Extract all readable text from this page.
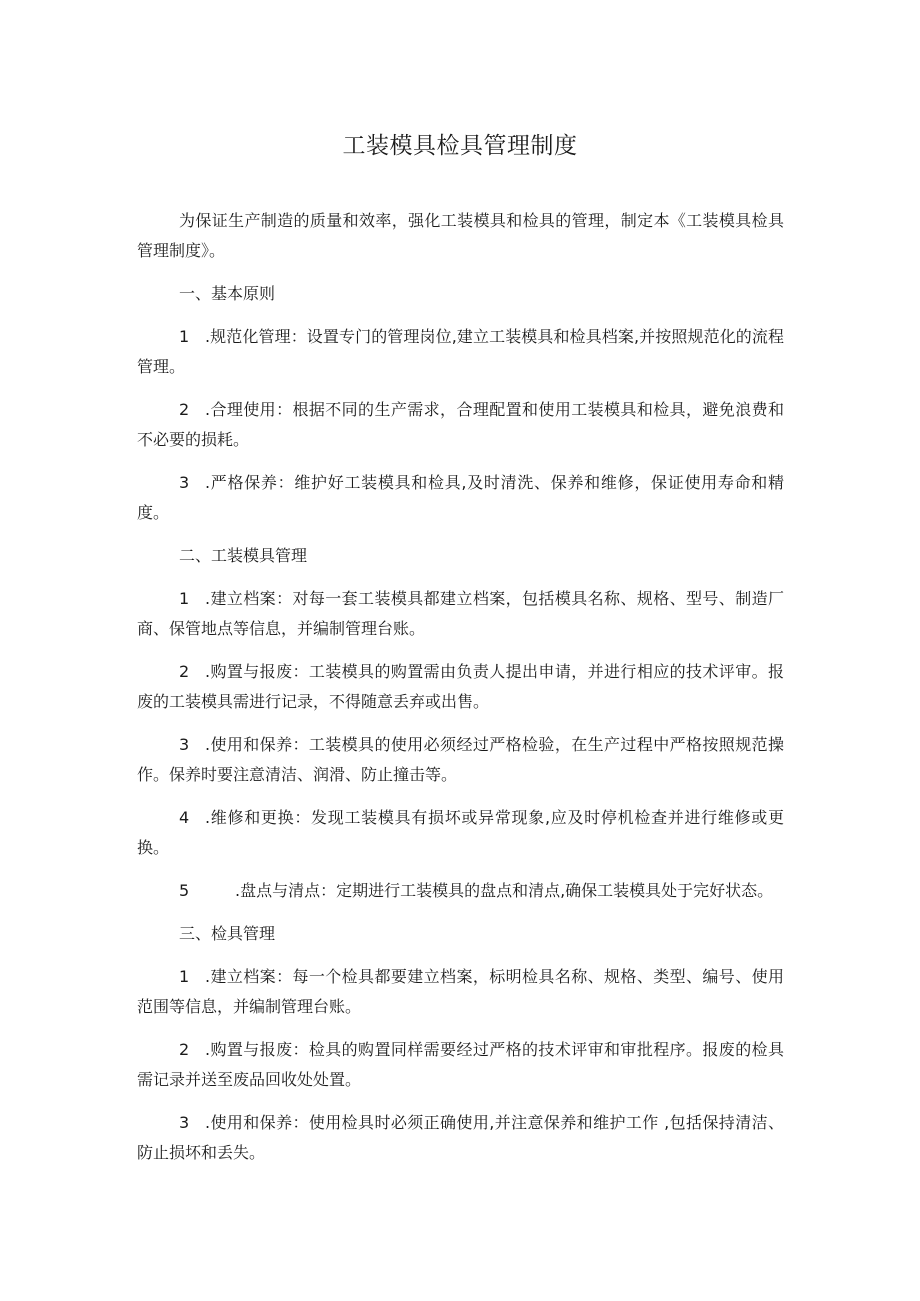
工装模具检具管理制度

为保证生产制造的质量和效率，强化工装模具和检具的管理，制定本《工装模具检具管理制度》。

一、基本原则

1 .规范化管理：设置专门的管理岗位,建立工装模具和检具档案,并按照规范化的流程管理。

2 .合理使用：根据不同的生产需求，合理配置和使用工装模具和检具，避免浪费和不必要的损耗。

3 .严格保养：维护好工装模具和检具,及时清洗、保养和维修，保证使用寿命和精度。

二、工装模具管理

1 .建立档案：对每一套工装模具都建立档案，包括模具名称、规格、型号、制造厂商、保管地点等信息，并编制管理台账。

2 .购置与报废：工装模具的购置需由负责人提出申请，并进行相应的技术评审。报废的工装模具需进行记录，不得随意丢弃或出售。

3 .使用和保养：工装模具的使用必须经过严格检验，在生产过程中严格按照规范操作。保养时要注意清洁、润滑、防止撞击等。

4 .维修和更换：发现工装模具有损坏或异常现象,应及时停机检查并进行维修或更换。

5	.盘点与清点：定期进行工装模具的盘点和清点,确保工装模具处于完好状态。

三、检具管理

1 .建立档案：每一个检具都要建立档案，标明检具名称、规格、类型、编号、使用范围等信息，并编制管理台账。

2 .购置与报废：检具的购置同样需要经过严格的技术评审和审批程序。报废的检具需记录并送至废品回收处处置。

3 .使用和保养：使用检具时必须正确使用,并注意保养和维护工作 ,包括保持清洁、防止损坏和丢失。
